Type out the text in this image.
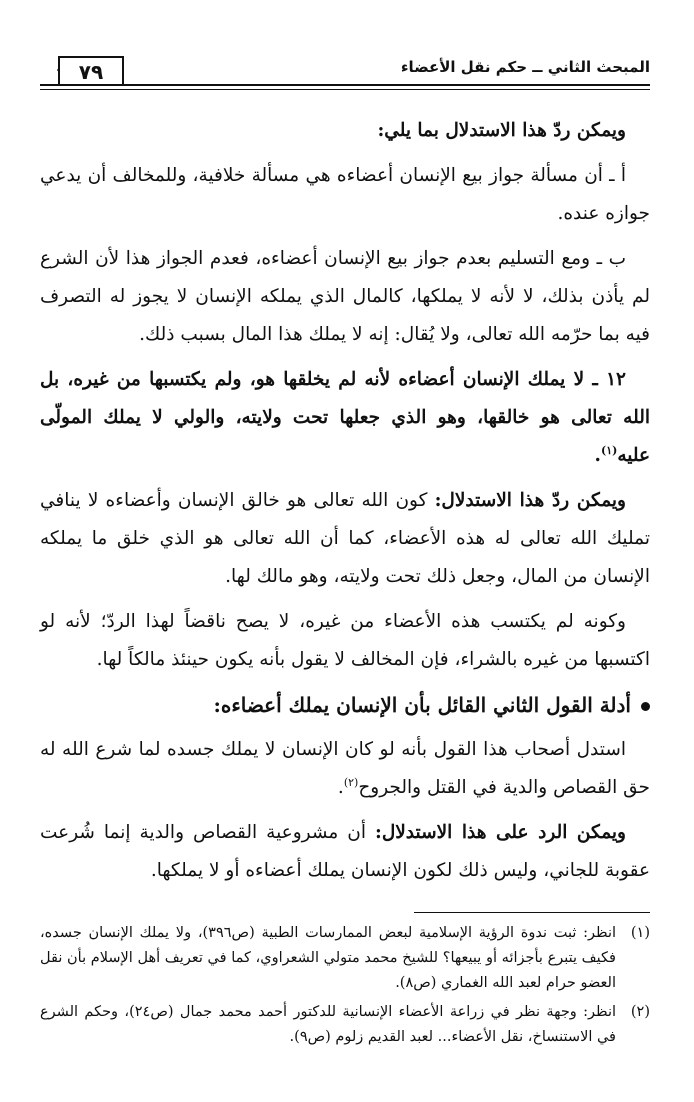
المبحث الثاني ــ حكم نقل الأعضاء
٧٩

ويمكن ردّ هذا الاستدلال بما يلي:

أ ـ أن مسألة جواز بيع الإنسان أعضاءه هي مسألة خلافية، وللمخالف أن يدعي جوازه عنده.

ب ـ ومع التسليم بعدم جواز بيع الإنسان أعضاءه، فعدم الجواز هذا لأن الشرع لم يأذن بذلك، لا لأنه لا يملكها، كالمال الذي يملكه الإنسان لا يجوز له التصرف فيه بما حرّمه الله تعالى، ولا يُقال: إنه لا يملك هذا المال بسبب ذلك.

١٢ ـ لا يملك الإنسان أعضاءه لأنه لم يخلقها هو، ولم يكتسبها من غيره، بل الله تعالى هو خالقها، وهو الذي جعلها تحت ولايته، والولي لا يملك المولّى عليه$^{(١)}$.

ويمكن ردّ هذا الاستدلال: كون الله تعالى هو خالق الإنسان وأعضاءه لا ينافي تمليك الله تعالى له هذه الأعضاء، كما أن الله تعالى هو الذي خلق ما يملكه الإنسان من المال، وجعل ذلك تحت ولايته، وهو مالك لها.

وكونه لم يكتسب هذه الأعضاء من غيره، لا يصح ناقضاً لهذا الردّ؛ لأنه لو اكتسبها من غيره بالشراء، فإن المخالف لا يقول بأنه يكون حينئذ مالكاً لها.

أدلة القول الثاني القائل بأن الإنسان يملك أعضاءه:

استدل أصحاب هذا القول بأنه لو كان الإنسان لا يملك جسده لما شرع الله له حق القصاص والدية في القتل والجروح$^{(٢)}$.

ويمكن الرد على هذا الاستدلال: أن مشروعية القصاص والدية إنما شُرعت عقوبة للجاني، وليس ذلك لكون الإنسان يملك أعضاءه أو لا يملكها.

(١)
انظر: ثبت ندوة الرؤية الإسلامية لبعض الممارسات الطبية (ص٣٩٦)، ولا يملك الإنسان جسده، فكيف يتبرع بأجزائه أو يبيعها؟ للشيخ محمد متولي الشعراوي، كما في تعريف أهل الإسلام بأن نقل العضو حرام لعبد الله الغماري (ص٨).
(٢)
انظر: وجهة نظر في زراعة الأعضاء الإنسانية للدكتور أحمد محمد جمال (ص٢٤)، وحكم الشرع في الاستنساخ، نقل الأعضاء... لعبد القديم زلوم (ص٩).
